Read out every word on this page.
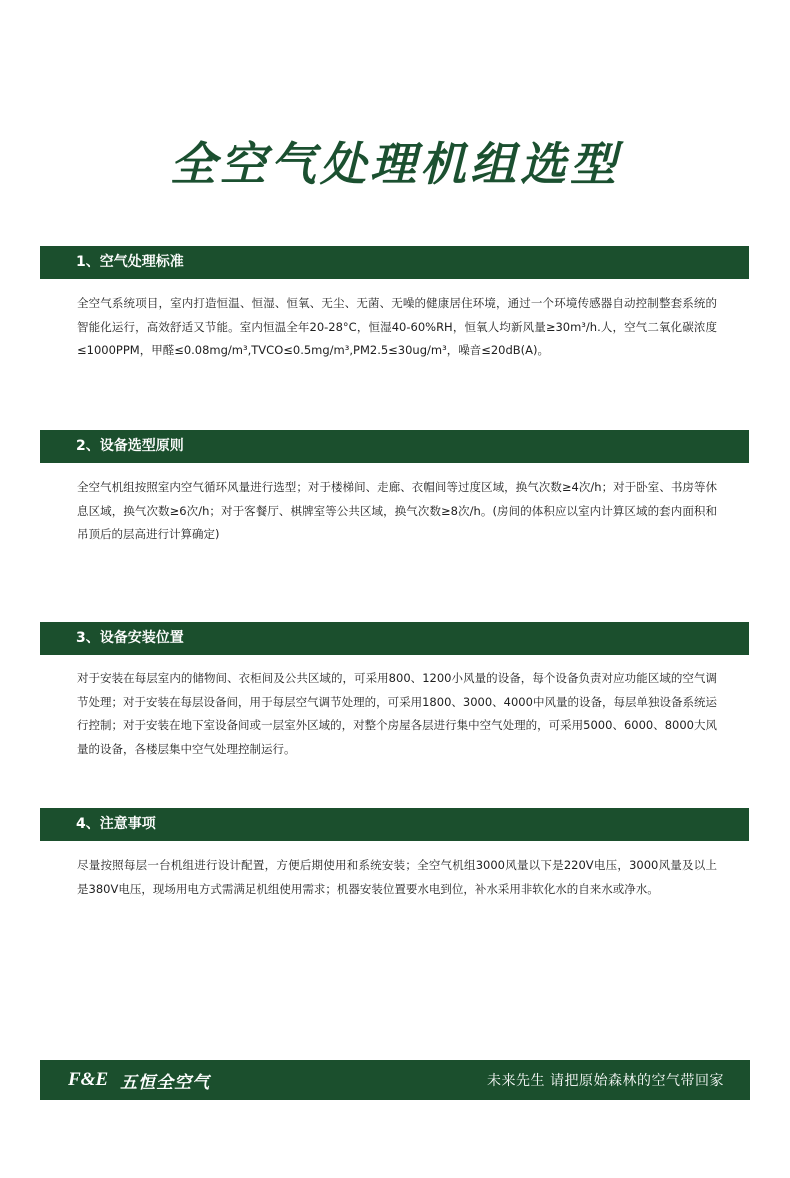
全空气处理机组选型
1、空气处理标准
全空气系统项目，室内打造恒温、恒湿、恒氧、无尘、无菌、无噪的健康居住环境，通过一个环境传感器自动控制整套系统的智能化运行，高效舒适又节能。室内恒温全年20-28°C，恒湿40-60%RH，恒氧人均新风量≥30m³/h.人，空气二氧化碳浓度≤1000PPM，甲醛≤0.08mg/m³,TVCO≤0.5mg/m³,PM2.5≤30ug/m³，噪音≤20dB(A)。
2、设备选型原则
全空气机组按照室内空气循环风量进行选型；对于楼梯间、走廊、衣帽间等过度区域，换气次数≥4次/h；对于卧室、书房等休息区域，换气次数≥6次/h；对于客餐厅、棋牌室等公共区域，换气次数≥8次/h。(房间的体积应以室内计算区域的套内面积和吊顶后的层高进行计算确定)
3、设备安装位置
对于安装在每层室内的储物间、衣柜间及公共区域的，可采用800、1200小风量的设备，每个设备负责对应功能区域的空气调节处理；对于安装在每层设备间，用于每层空气调节处理的，可采用1800、3000、4000中风量的设备，每层单独设备系统运行控制；对于安装在地下室设备间或一层室外区域的，对整个房屋各层进行集中空气处理的，可采用5000、6000、8000大风量的设备，各楼层集中空气处理控制运行。
4、注意事项
尽量按照每层一台机组进行设计配置，方便后期使用和系统安装；全空气机组3000风量以下是220V电压，3000风量及以上是380V电压，现场用电方式需满足机组使用需求；机器安装位置要水电到位，补水采用非软化水的自来水或净水。
F&E 五恒全空气	未来先生 请把原始森林的空气带回家
